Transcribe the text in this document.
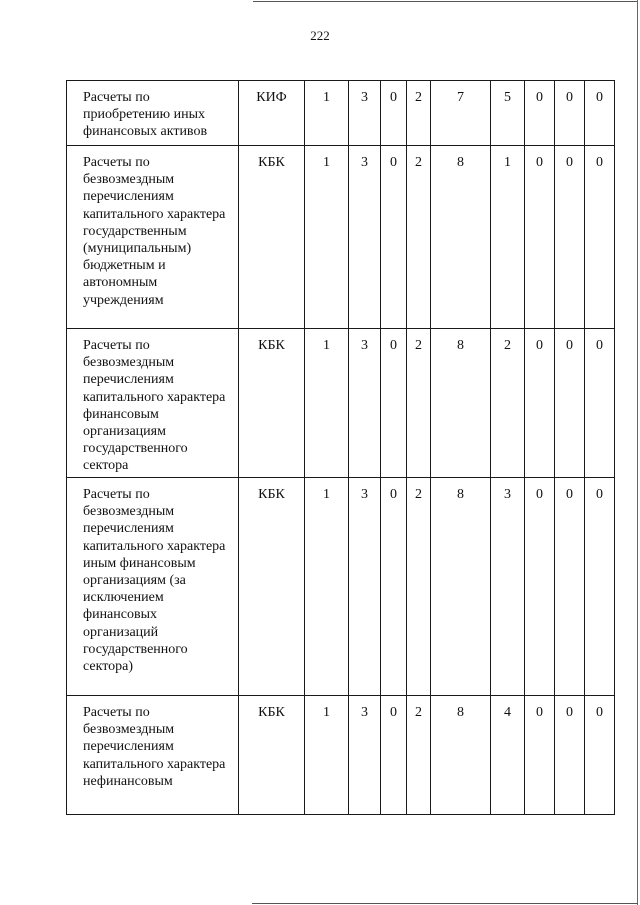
222
Расчеты по приобретению иных финансовых активов	КИФ	1	3	0	2	7	5	0	0	0
Расчеты по безвозмездным перечислениям капитального характера государственным (муниципальным) бюджетным и автономным учреждениям	КБК	1	3	0	2	8	1	0	0	0
Расчеты по безвозмездным перечислениям капитального характера финансовым организациям государственного сектора	КБК	1	3	0	2	8	2	0	0	0
Расчеты по безвозмездным перечислениям капитального характера иным финансовым организациям (за исключением финансовых организаций государственного сектора)	КБК	1	3	0	2	8	3	0	0	0
Расчеты по безвозмездным перечислениям капитального характера нефинансовым	КБК	1	3	0	2	8	4	0	0	0
